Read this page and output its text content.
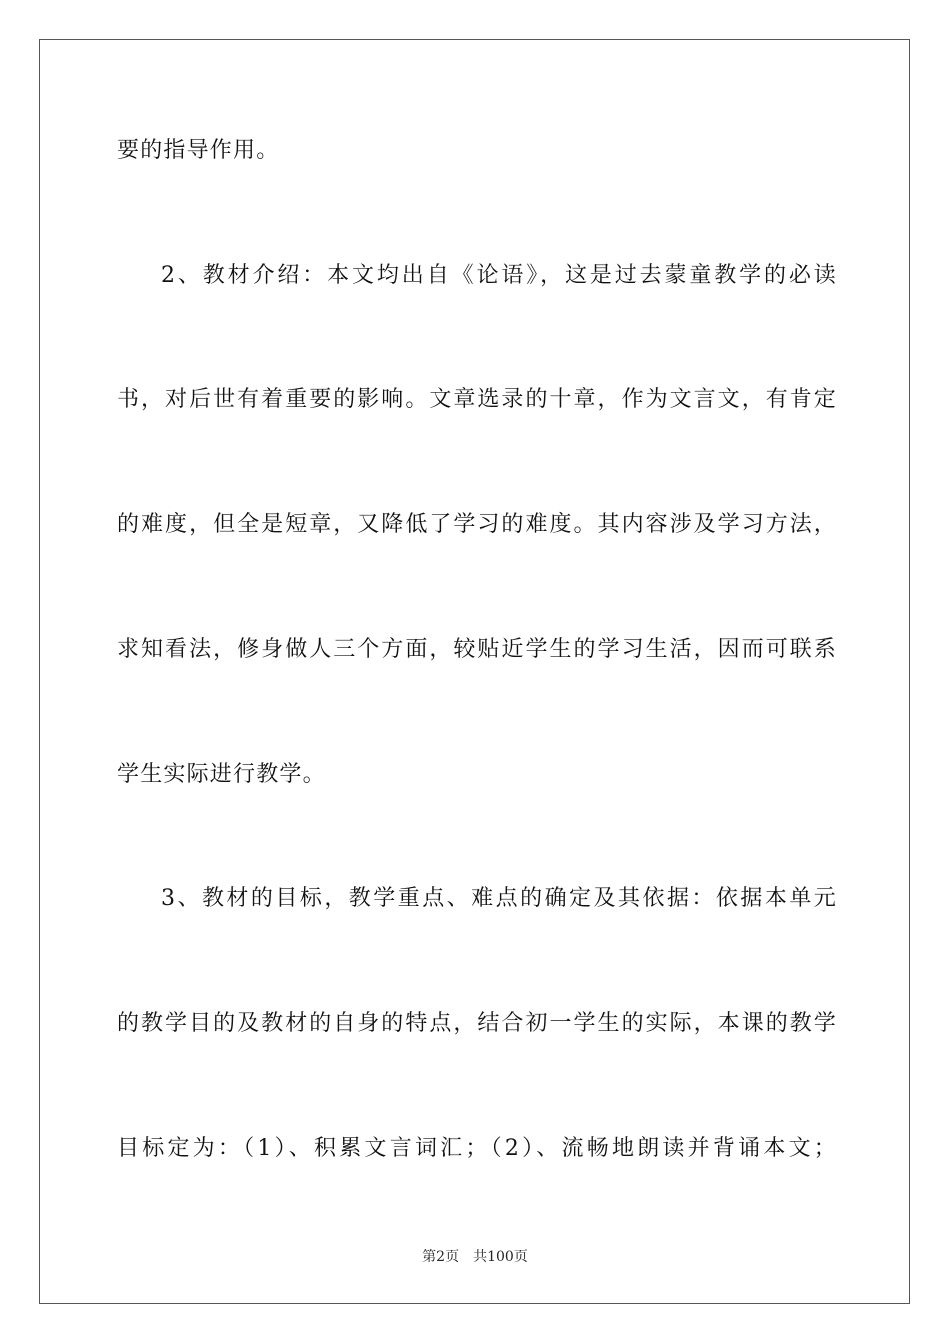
要的指导作用。
2、教材介绍：本文均出自《论语》，这是过去蒙童教学的必读
书，对后世有着重要的影响。文章选录的十章，作为文言文，有肯定
的难度，但全是短章，又降低了学习的难度。其内容涉及学习方法，
求知看法，修身做人三个方面，较贴近学生的学习生活，因而可联系
学生实际进行教学。
3、教材的目标，教学重点、难点的确定及其依据：依据本单元
的教学目的及教材的自身的特点，结合初一学生的实际，本课的教学
目标定为：（1）、积累文言词汇；（2）、流畅地朗读并背诵本文；
第2页 共100页
